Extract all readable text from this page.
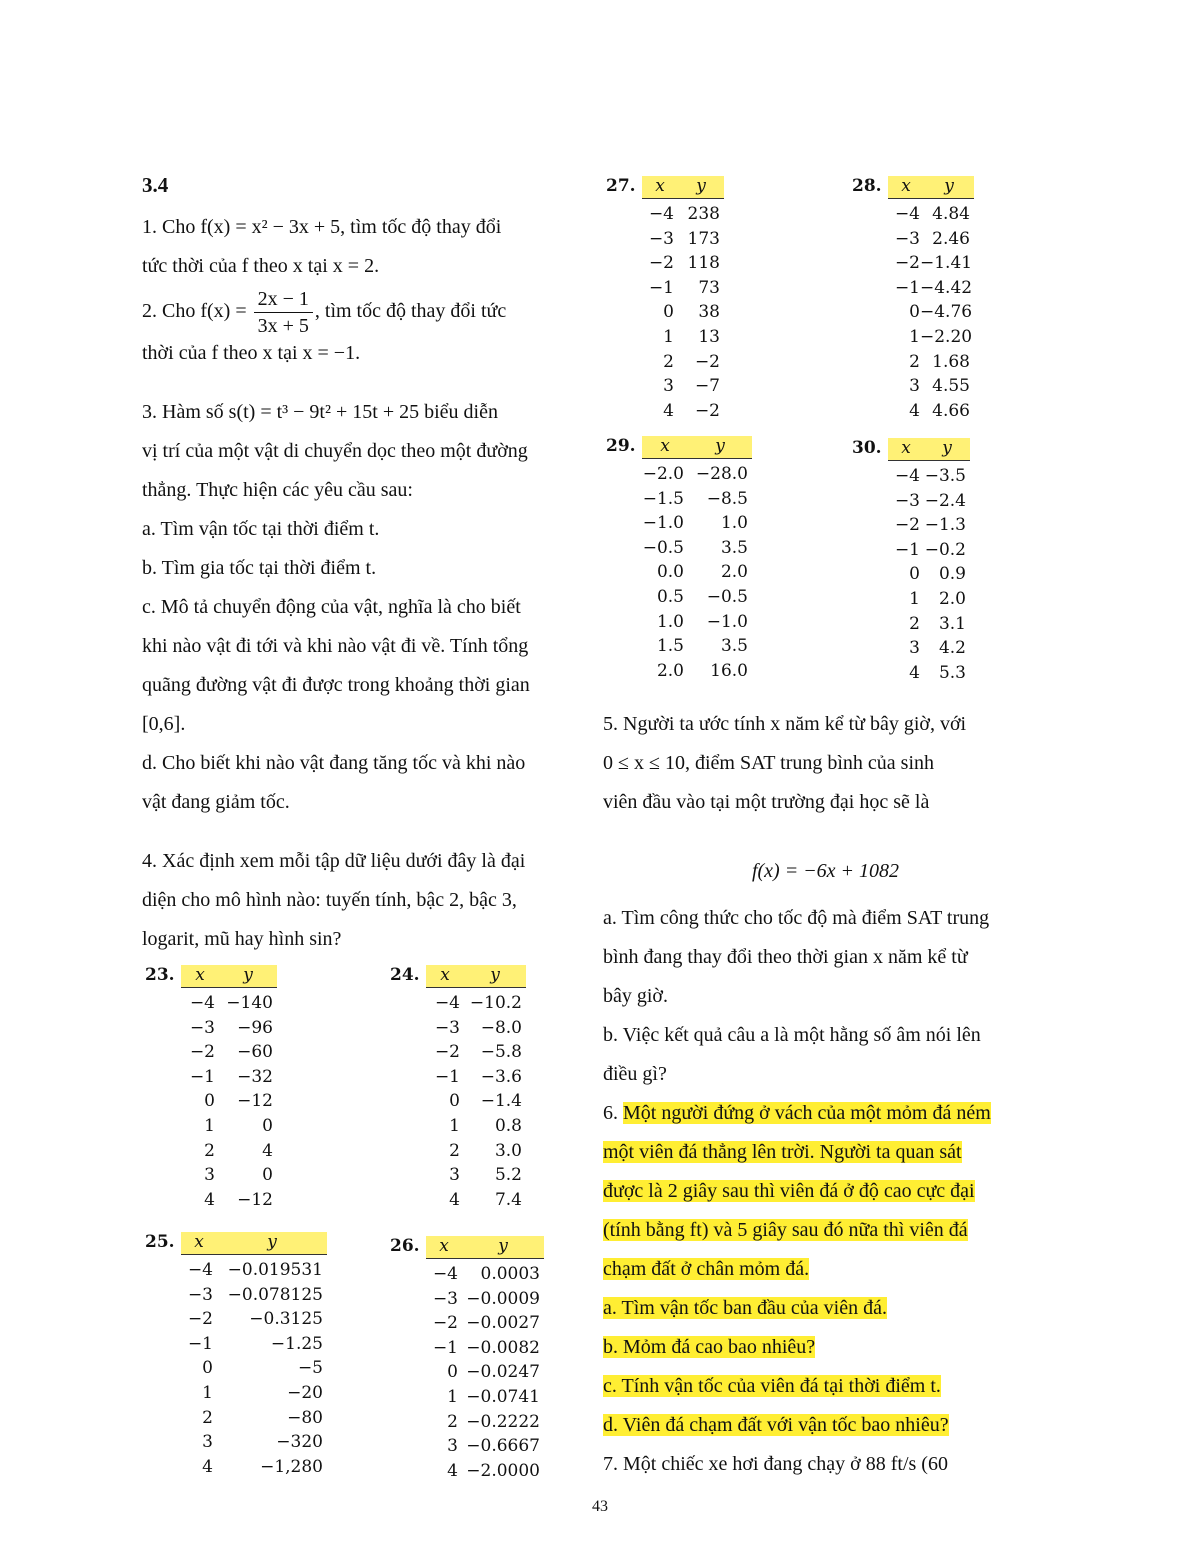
3.4
1. Cho f(x) = x² − 3x + 5, tìm tốc độ thay đổi
tức thời của f theo x tại x = 2.
2. Cho $f(x) = \frac{2x - 1}{3x + 5}$ , tìm tốc độ thay đổi tức
thời của f theo x tại x = −1.
3. Hàm số s(t) = t³ − 9t² + 15t + 25 biểu diễn
vị trí của một vật di chuyển dọc theo một đường
thẳng. Thực hiện các yêu cầu sau:
a. Tìm vận tốc tại thời điểm t.
b. Tìm gia tốc tại thời điểm t.
c. Mô tả chuyển động của vật, nghĩa là cho biết
khi nào vật đi tới và khi nào vật đi về. Tính tổng
quãng đường vật đi được trong khoảng thời gian
[0,6].
d. Cho biết khi nào vật đang tăng tốc và khi nào
vật đang giảm tốc.
4. Xác định xem mỗi tập dữ liệu dưới đây là đại
diện cho mô hình nào: tuyến tính, bậc 2, bậc 3,
logarit, mũ hay hình sin?
23.	x	y
−4 −140
−3	−96
−2	−60
−1	−32
0	−12
1	0
2	4
3	0
4	−12
24.	x	y
−4 −10.2
−3	−8.0
−2	−5.8
−1	−3.6
0	−1.4
1	0.8
2	3.0
3	5.2
4	7.4
25.	x	y
−4 −0.019531
−3 −0.078125
−2	−0.3125
−1	−1.25
0	−5
1	−20
2	−80
3	−320
4	−1,280
26.	x	y
−4	0.0003
−3 −0.0009
−2 −0.0027
−1 −0.0082
0 −0.0247
1 −0.0741
2 −0.2222
3 −0.6667
4 −2.0000
27.	x	y
−4 238
−3 173
−2 118
−1	73
0	38
1	13
2	−2
3	−7
4	−2
28.	x	y
−4 4.84
−3 2.46
−2 −1.41
−1 −4.42
0 −4.76
1 −2.20
2 1.68
3 4.55
4 4.66
29.	x	y
−2.0 −28.0
−1.5	−8.5
−1.0	1.0
−0.5	3.5
0.0	2.0
0.5	−0.5
1.0	−1.0
1.5	3.5
2.0	16.0
30.	x	y
−4 −3.5
−3 −2.4
−2 −1.3
−1 −0.2
0	0.9
1	2.0
2	3.1
3	4.2
4	5.3
5. Người ta ước tính x năm kể từ bây giờ, với
0 ≤ x ≤ 10, điểm SAT trung bình của sinh
viên đầu vào tại một trường đại học sẽ là
f(x) = −6x + 1082
a. Tìm công thức cho tốc độ mà điểm SAT trung
bình đang thay đổi theo thời gian x năm kể từ
bây giờ.
b. Việc kết quả câu a là một hằng số âm nói lên
điều gì?
6. Một người đứng ở vách của một mỏm đá ném
một viên đá thẳng lên trời. Người ta quan sát
được là 2 giây sau thì viên đá ở độ cao cực đại
(tính bằng ft) và 5 giây sau đó nữa thì viên đá
chạm đất ở chân mỏm đá.
a. Tìm vận tốc ban đầu của viên đá.
b. Mỏm đá cao bao nhiêu?
c. Tính vận tốc của viên đá tại thời điểm t.
d. Viên đá chạm đất với vận tốc bao nhiêu?
7. Một chiếc xe hơi đang chạy ở 88 ft/s (60
43
